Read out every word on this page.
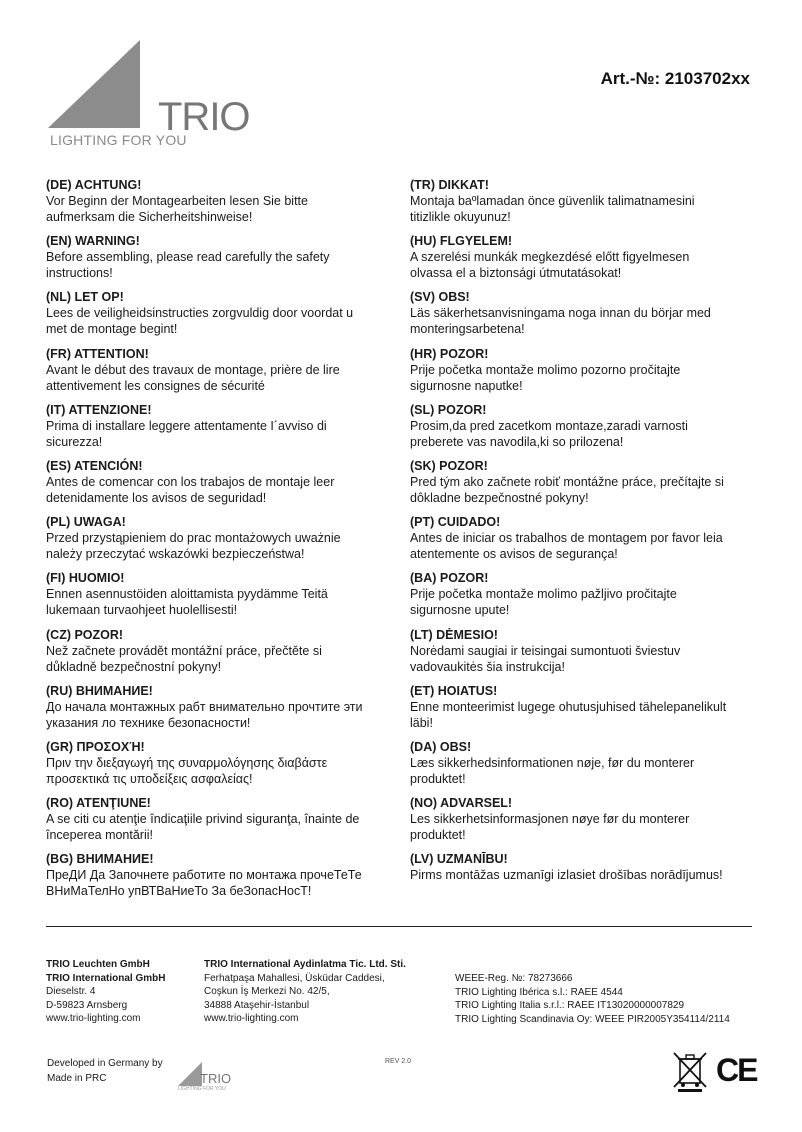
TRIO
LIGHTING FOR YOU
Art.-№: 2103702xx
(DE) ACHTUNG!
Vor Beginn der Montagearbeiten lesen Sie bitte
aufmerksam die Sicherheitshinweise!
(EN) WARNING!
Before assembling, please read carefully the safety
instructions!
(NL) LET OP!
Lees de veiligheidsinstructies zorgvuldig door voordat u
met de montage begint!
(FR) ATTENTION!
Avant le début des travaux de montage, prière de lire
attentivement les consignes de sécurité
(IT) ATTENZIONE!
Prima di installare leggere attentamente I´avviso di
sicurezza!
(ES) ATENCIÓN!
Antes de comencar con los trabajos de montaje leer
detenidamente los avisos de seguridad!
(PL) UWAGA!
Przed przystąpieniem do prac montażowych uważnie
należy przeczytać wskazówki bezpieczeństwa!
(FI) HUOMIO!
Ennen asennustöiden aloittamista pyydämme Teitä
lukemaan turvaohjeet huolellisesti!
(CZ) POZOR!
Než začnete provádět montážní práce, přečtěte si
důkladně bezpečnostní pokyny!
(RU) ВНИМАНИЕ!
До начала монтажных рабт внимательно прочтите эти
указания ло технике безопасности!
(GR) ΠΡΟΣΟΧΉ!
Πριν την διεξαγωγή της συναρμολόγησης διαβάστε
προσεκτικά τις υποδείξεις ασφαλείας!
(RO) ATENŢIUNE!
A se citi cu atenţie îndicaţiile privind siguranţa, înainte de
începerea montării!
(BG) ВНИМАНИЕ!
ПреДИ Да Започнете работите по монтажа прочеТеТе
ВНиМаТелНо упВТВаНиеТо За беЗопасНосТ!
(TR) DIKKAT!
Montaja baºlamadan önce güvenlik talimatnamesini
titizlikle okuyunuz!
(HU) FLGYELEM!
A szerelési munkák megkezdésé előtt figyelmesen
olvassa el a biztonsági útmutatásokat!
(SV) OBS!
Läs säkerhetsanvisningama noga innan du börjar med
monteringsarbetena!
(HR) POZOR!
Prije početka montaže molimo pozorno pročitajte
sigurnosne naputke!
(SL) POZOR!
Prosim,da pred zacetkom montaze,zaradi varnosti
preberete vas navodila,ki so prilozena!
(SK) POZOR!
Pred tým ako začnete robiť montážne práce, prečítajte si
dôkladne bezpečnostné pokyny!
(PT) CUIDADO!
Antes de iniciar os trabalhos de montagem por favor leia
atentemente os avisos de segurança!
(BA) POZOR!
Prije početka montaže molimo pažljivo pročitajte
sigurnosne upute!
(LT) DĖMESIO!
Norėdami saugiai ir teisingai sumontuoti šviestuv
vadovaukitės šia instrukcija!
(ET) HOIATUS!
Enne monteerimist lugege ohutusjuhised tähelepanelikult
läbi!
(DA) OBS!
Læs sikkerhedsinformationen nøje, før du monterer
produktet!
(NO) ADVARSEL!
Les sikkerhetsinformasjonen nøye før du monterer
produktet!
(LV) UZMANĪBU!
Pirms montāžas uzmanīgi izlasiet drošības norādījumus!
TRIO Leuchten GmbH
TRIO International GmbH
Dieselstr. 4
D-59823 Arnsberg
www.trio-lighting.com
TRIO International Aydinlatma Tic. Ltd. Sti.
Ferhatpaşa Mahallesi, Üsküdar Caddesi,
Coşkun İş Merkezi No. 42/5,
34888 Ataşehir-İstanbul
www.trio-lighting.com
WEEE-Reg. №: 78273666
TRIO Lighting Ibérica s.l.: RAEE 4544
TRIO Lighting Italia s.r.l.: RAEE IT13020000007829
TRIO Lighting Scandinavia Oy: WEEE PIR2005Y354114/2114
Developed in Germany by
Made in PRC	TRIO
LIGHTING FOR YOU
REV 2.0	CE
